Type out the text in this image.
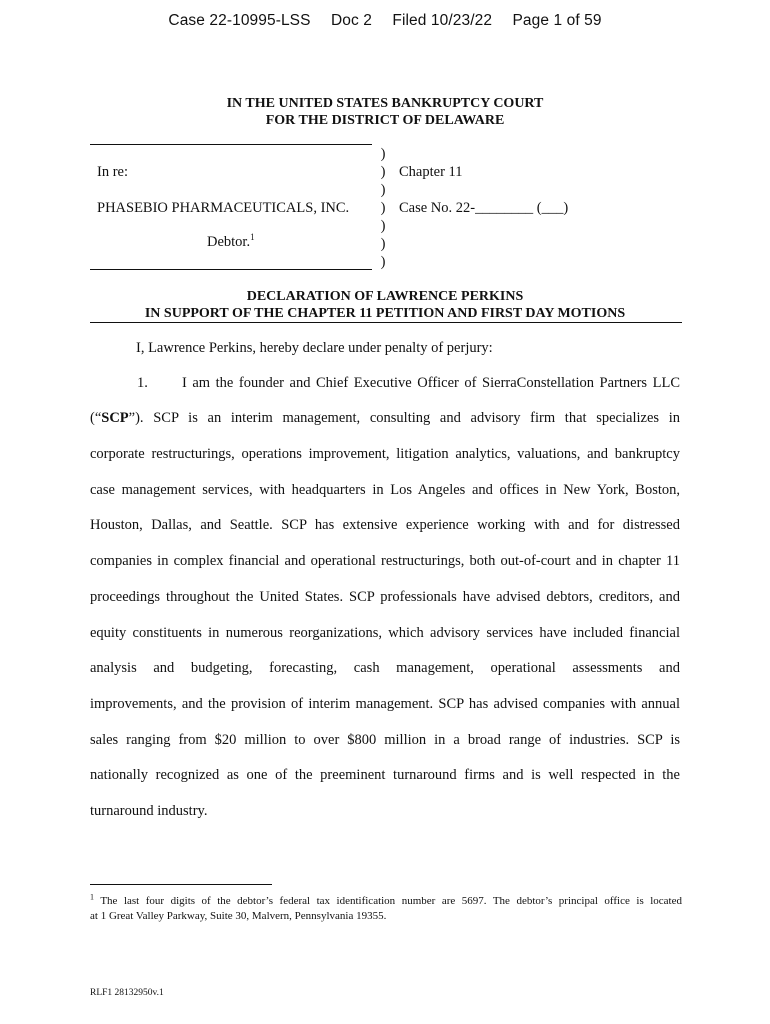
Case 22-10995-LSS Doc 2 Filed 10/23/22 Page 1 of 59
IN THE UNITED STATES BANKRUPTCY COURT
FOR THE DISTRICT OF DELAWARE
In re:
PHASEBIO PHARMACEUTICALS, INC.
Debtor.$^1$
)
)
)
)
)
)
)
Chapter 11
Case No. 22-________ (___)
DECLARATION OF LAWRENCE PERKINS
IN SUPPORT OF THE CHAPTER 11 PETITION AND FIRST DAY MOTIONS
I, Lawrence Perkins, hereby declare under penalty of perjury:
1. I am the founder and Chief Executive Officer of SierraConstellation Partners LLC
(“SCP”). SCP is an interim management, consulting and advisory firm that specializes in
corporate restructurings, operations improvement, litigation analytics, valuations, and bankruptcy
case management services, with headquarters in Los Angeles and offices in New York, Boston,
Houston, Dallas, and Seattle. SCP has extensive experience working with and for distressed
companies in complex financial and operational restructurings, both out-of-court and in chapter 11
proceedings throughout the United States. SCP professionals have advised debtors, creditors, and
equity constituents in numerous reorganizations, which advisory services have included financial
analysis and budgeting, forecasting, cash management, operational assessments and
improvements, and the provision of interim management. SCP has advised companies with annual
sales ranging from $20 million to over $800 million in a broad range of industries. SCP is
nationally recognized as one of the preeminent turnaround firms and is well respected in the
turnaround industry.
$^1$ The last four digits of the debtor’s federal tax identification number are 5697. The debtor’s principal office is located
at 1 Great Valley Parkway, Suite 30, Malvern, Pennsylvania 19355.
RLF1 28132950v.1
